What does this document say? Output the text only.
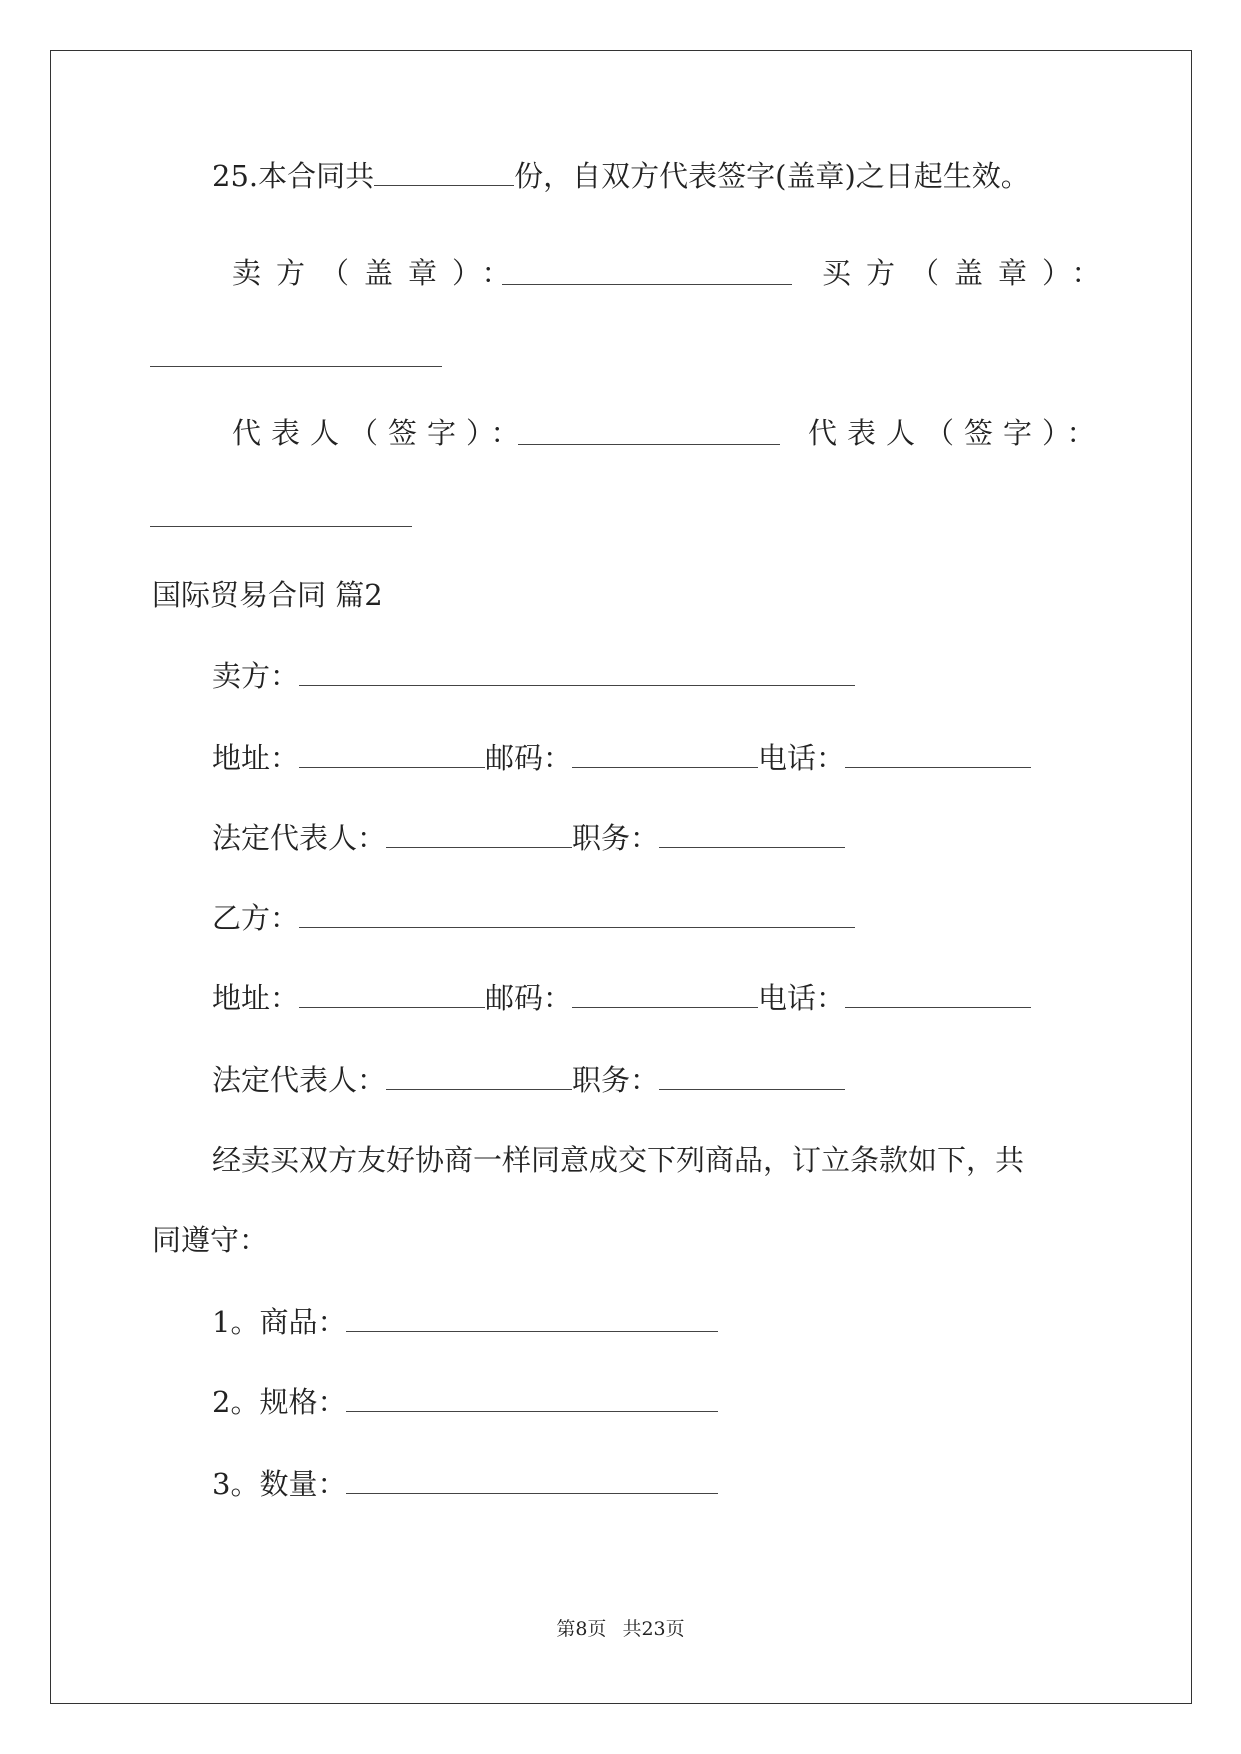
25.本合同共	份，自双方代表签字(盖章)之日起生效。
卖方（盖章）：	买方（盖章）：
代表人（签字）：	代表人（签字）：
国际贸易合同 篇2
卖方：
地址：	邮码：	电话：
法定代表人：	职务：
乙方：
地址：	邮码：	电话：
法定代表人：	职务：
经卖买双方友好协商一样同意成交下列商品，订立条款如下，共
同遵守：
1。商品：
2。规格：
3。数量：
第8页 共23页
